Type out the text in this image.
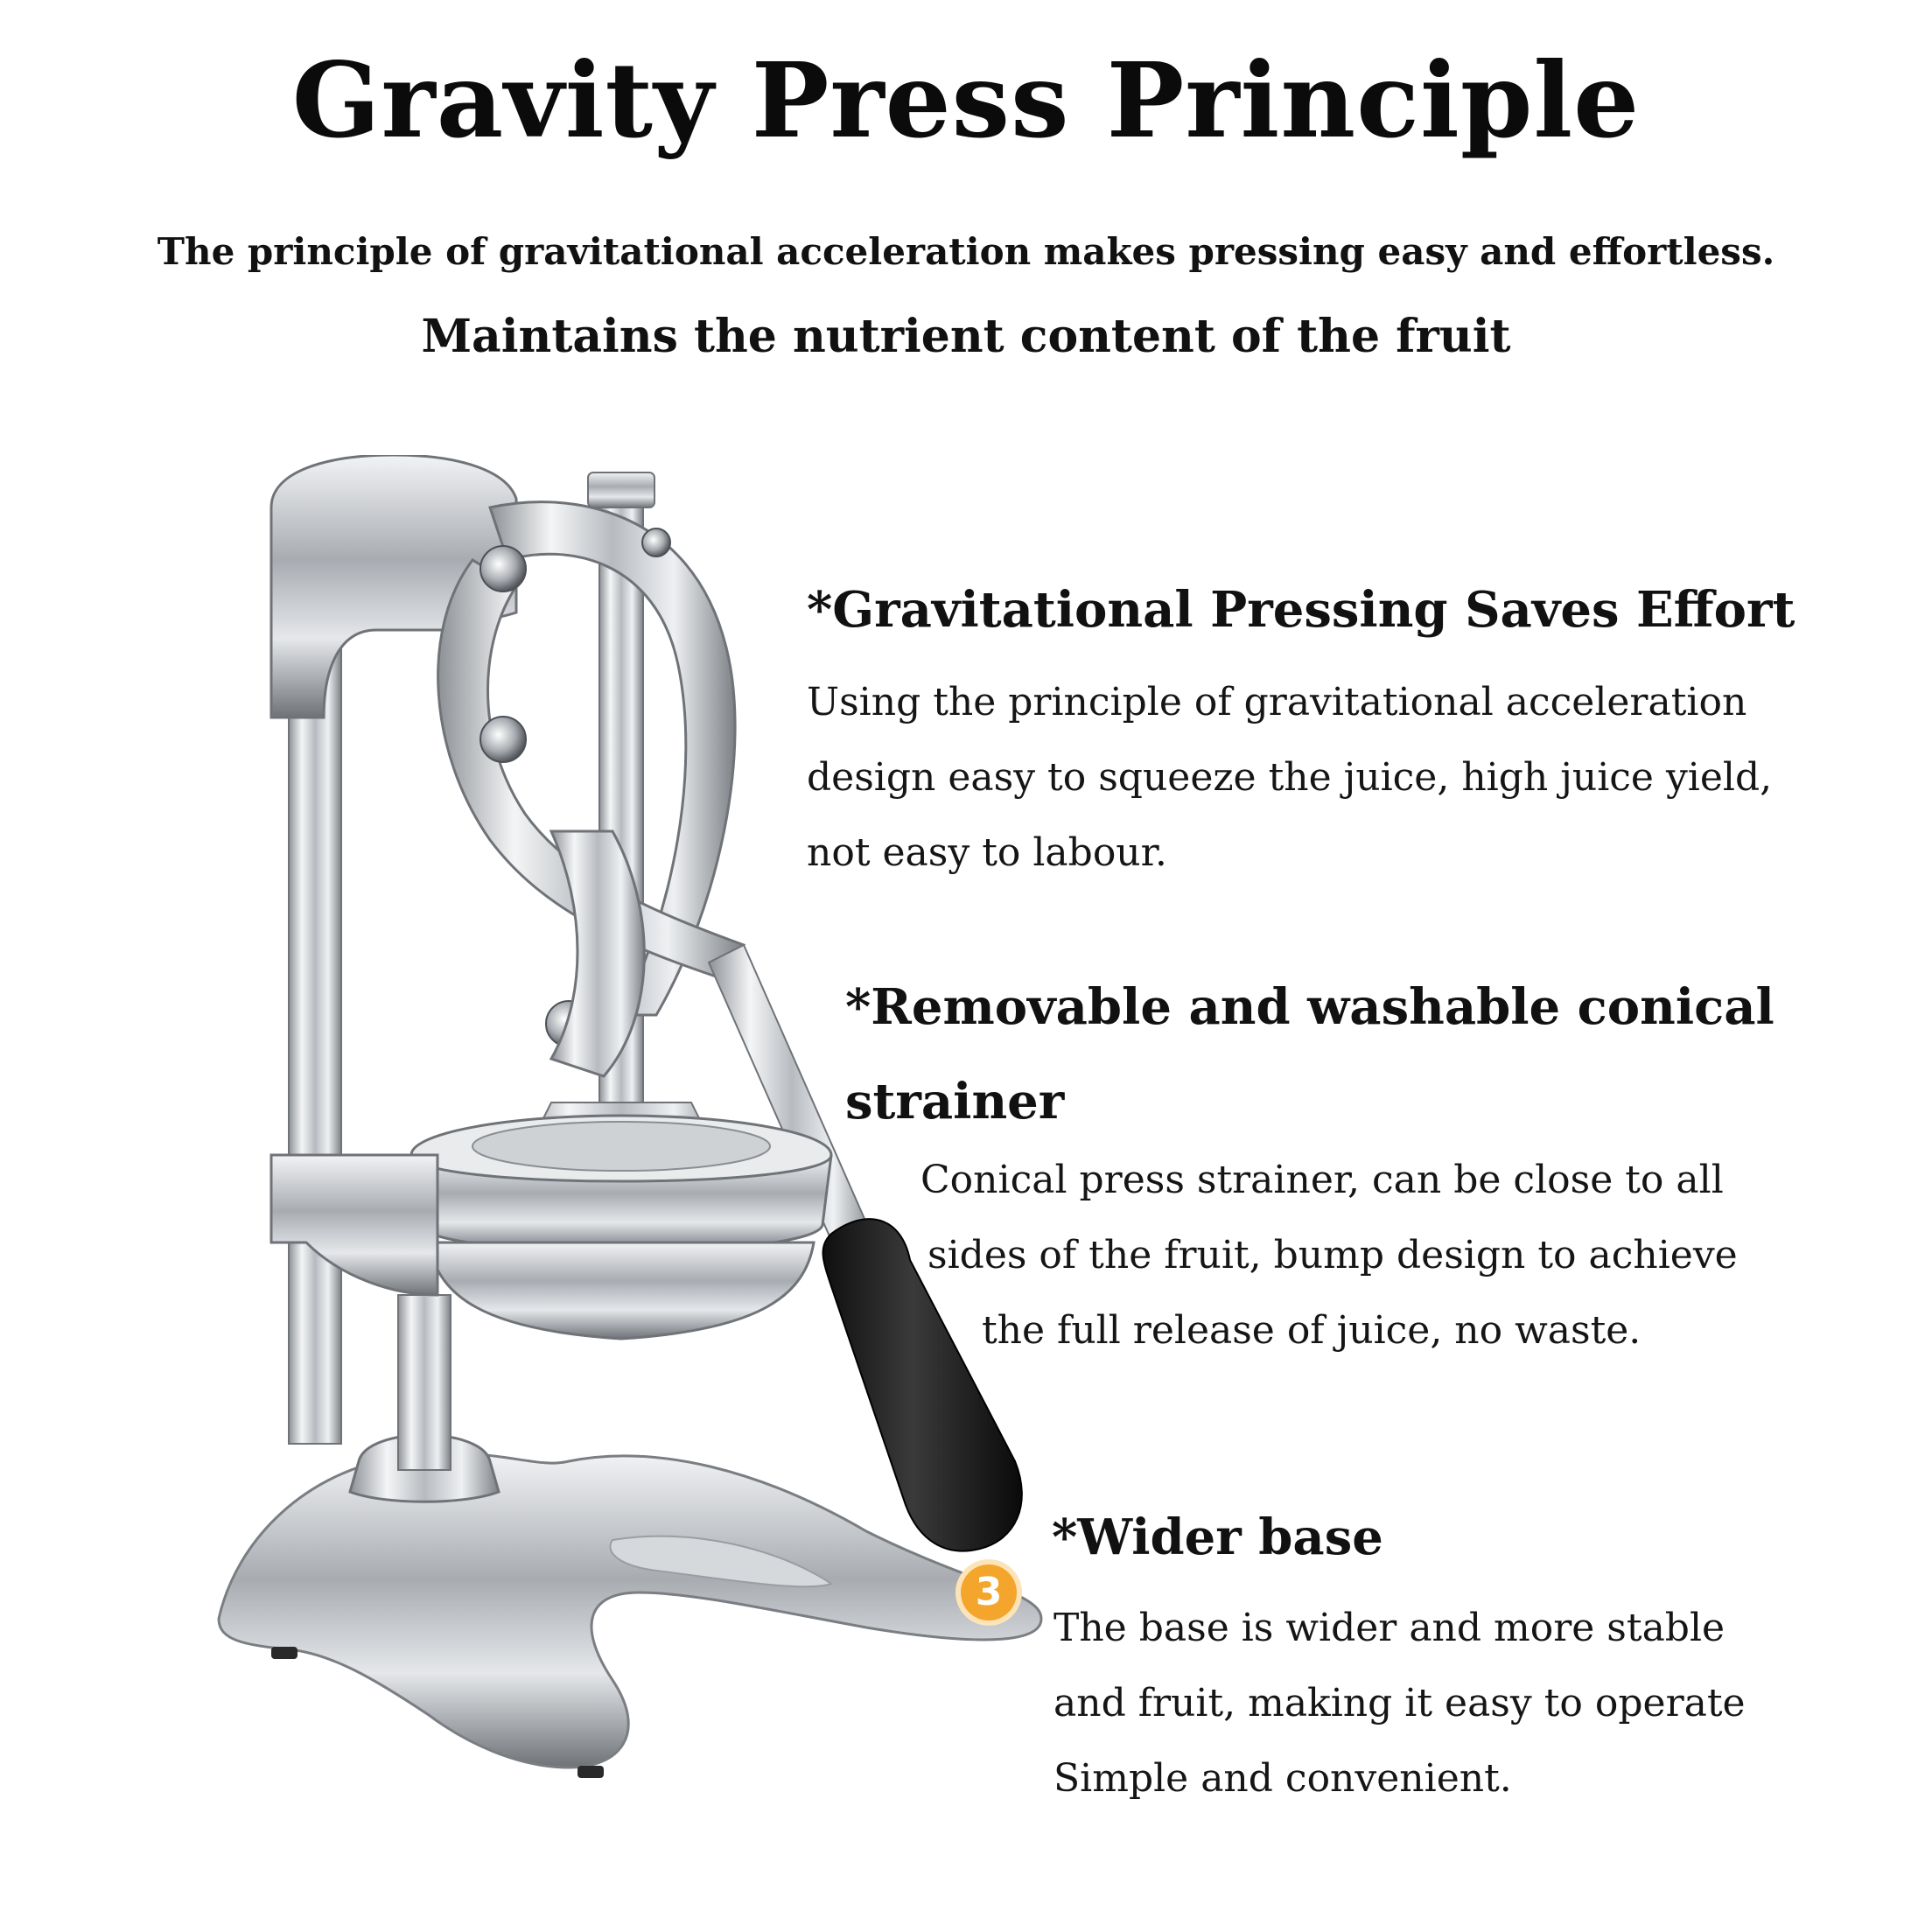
Gravity Press Principle
The principle of gravitational acceleration makes pressing easy and effortless.
Maintains the nutrient content of the fruit
*Gravitational Pressing Saves Effort
Using the principle of gravitational acceleration
design easy to squeeze the juice, high juice yield,
not easy to labour.
*Removable and washable conical
strainer
Conical press strainer, can be close to all
sides of the fruit, bump design to achieve
the full release of juice, no waste.
3
*Wider base
The base is wider and more stable
and fruit, making it easy to operate
Simple and convenient.
